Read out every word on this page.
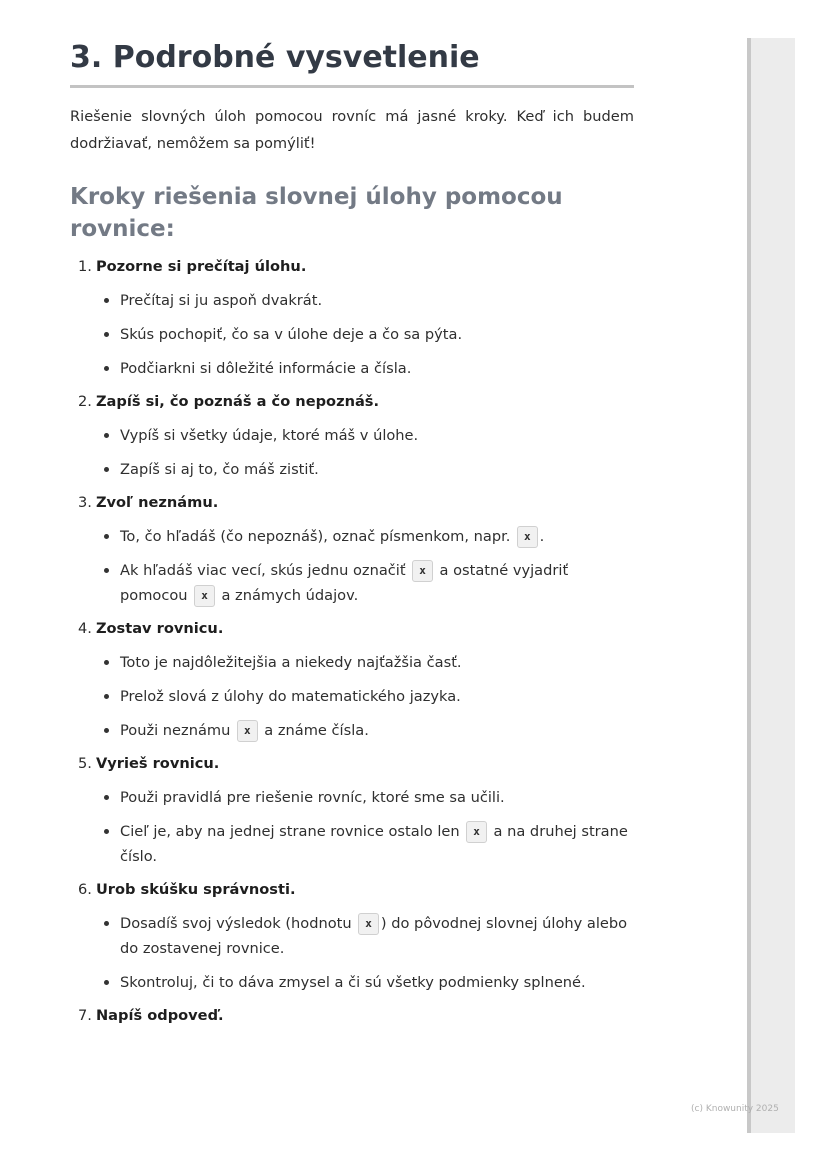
3. Podrobné vysvetlenie

Riešenie slovných úloh pomocou rovníc má jasné kroky. Keď ich budem dodržiavať, nemôžem sa pomýliť!

Kroky riešenia slovnej úlohy pomocou rovnice:
1. Pozorne si prečítaj úlohu.
Prečítaj si ju aspoň dvakrát.
Skús pochopiť, čo sa v úlohe deje a čo sa pýta.
Podčiarkni si dôležité informácie a čísla.
2. Zapíš si, čo poznáš a čo nepoznáš.
Vypíš si všetky údaje, ktoré máš v úlohe.
Zapíš si aj to, čo máš zistiť.
3. Zvoľ neznámu.
To, čo hľadáš (čo nepoznáš), označ písmenkom, napr. x .
Ak hľadáš viac vecí, skús jednu označiť x a ostatné vyjadriť pomocou x a známych údajov.
4. Zostav rovnicu.
Toto je najdôležitejšia a niekedy najťažšia časť.
Prelož slová z úlohy do matematického jazyka.
Použi neznámu x a známe čísla.
5. Vyrieš rovnicu.
Použi pravidlá pre riešenie rovníc, ktoré sme sa učili.
Cieľ je, aby na jednej strane rovnice ostalo len x a na druhej strane číslo.
6. Urob skúšku správnosti.
Dosadíš svoj výsledok (hodnotu x ) do pôvodnej slovnej úlohy alebo do zostavenej rovnice.
Skontroluj, či to dáva zmysel a či sú všetky podmienky splnené.
7. Napíš odpoveď.
(c) Knowunity 2025
